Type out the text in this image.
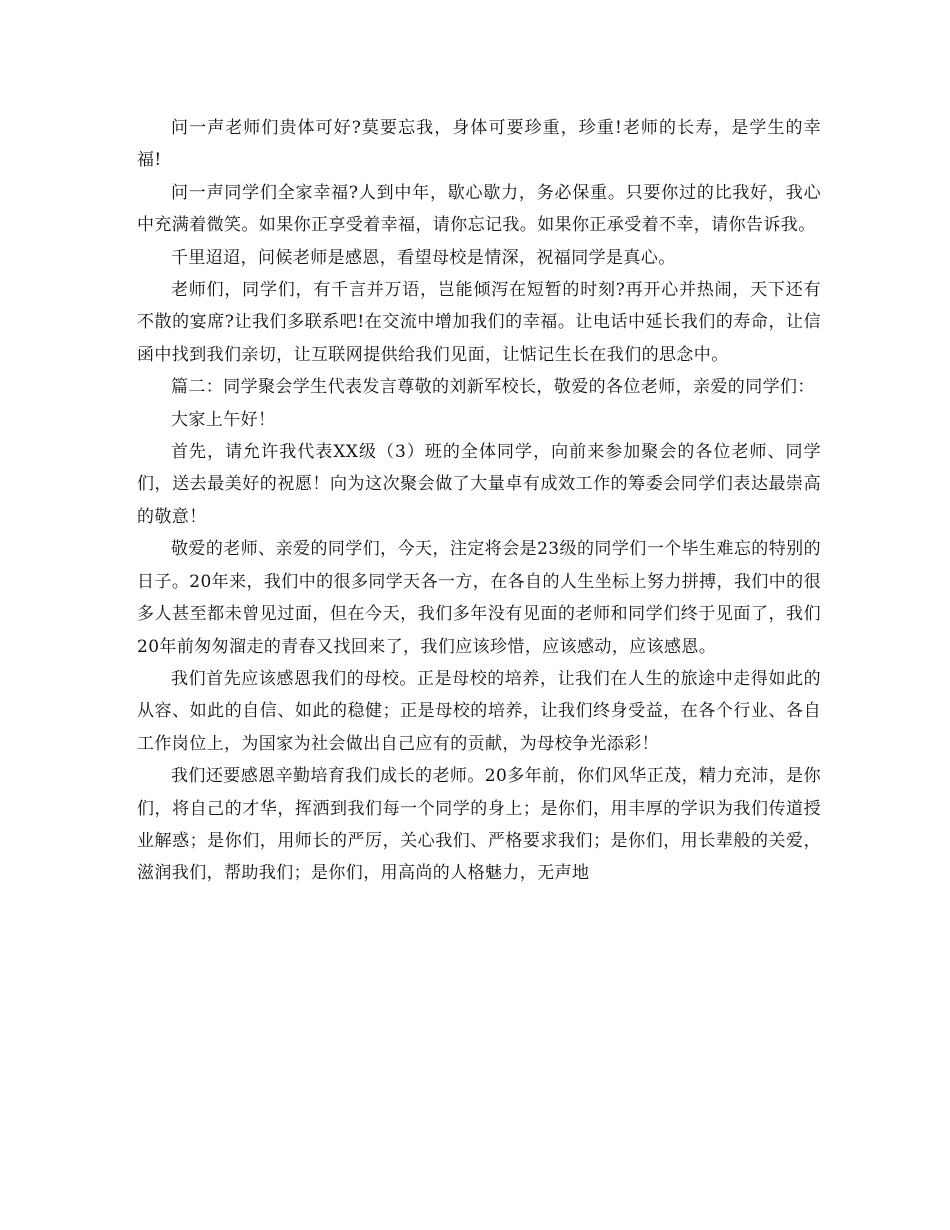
问一声老师们贵体可好?莫要忘我，身体可要珍重，珍重!老师的长寿，是学生的幸福!

问一声同学们全家幸福?人到中年，歇心歇力，务必保重。只要你过的比我好，我心中充满着微笑。如果你正享受着幸福，请你忘记我。如果你正承受着不幸，请你告诉我。

千里迢迢，问候老师是感恩，看望母校是情深，祝福同学是真心。

老师们，同学们，有千言并万语，岂能倾泻在短暂的时刻?再开心并热闹，天下还有不散的宴席?让我们多联系吧!在交流中增加我们的幸福。让电话中延长我们的寿命，让信函中找到我们亲切，让互联网提供给我们见面，让惦记生长在我们的思念中。

篇二：同学聚会学生代表发言尊敬的刘新军校长，敬爱的各位老师，亲爱的同学们：

大家上午好！

首先，请允许我代表XX级（3）班的全体同学，向前来参加聚会的各位老师、同学们，送去最美好的祝愿！向为这次聚会做了大量卓有成效工作的筹委会同学们表达最崇高的敬意！

敬爱的老师、亲爱的同学们，今天，注定将会是23级的同学们一个毕生难忘的特别的日子。20年来，我们中的很多同学天各一方，在各自的人生坐标上努力拼搏，我们中的很多人甚至都未曾见过面，但在今天，我们多年没有见面的老师和同学们终于见面了，我们20年前匆匆溜走的青春又找回来了，我们应该珍惜，应该感动，应该感恩。

我们首先应该感恩我们的母校。正是母校的培养，让我们在人生的旅途中走得如此的从容、如此的自信、如此的稳健；正是母校的培养，让我们终身受益，在各个行业、各自工作岗位上，为国家为社会做出自己应有的贡献，为母校争光添彩！

我们还要感恩辛勤培育我们成长的老师。20多年前，你们风华正茂，精力充沛，是你们，将自己的才华，挥洒到我们每一个同学的身上；是你们，用丰厚的学识为我们传道授业解惑；是你们，用师长的严厉，关心我们、严格要求我们；是你们，用长辈般的关爱，滋润我们，帮助我们；是你们，用高尚的人格魅力，无声地
